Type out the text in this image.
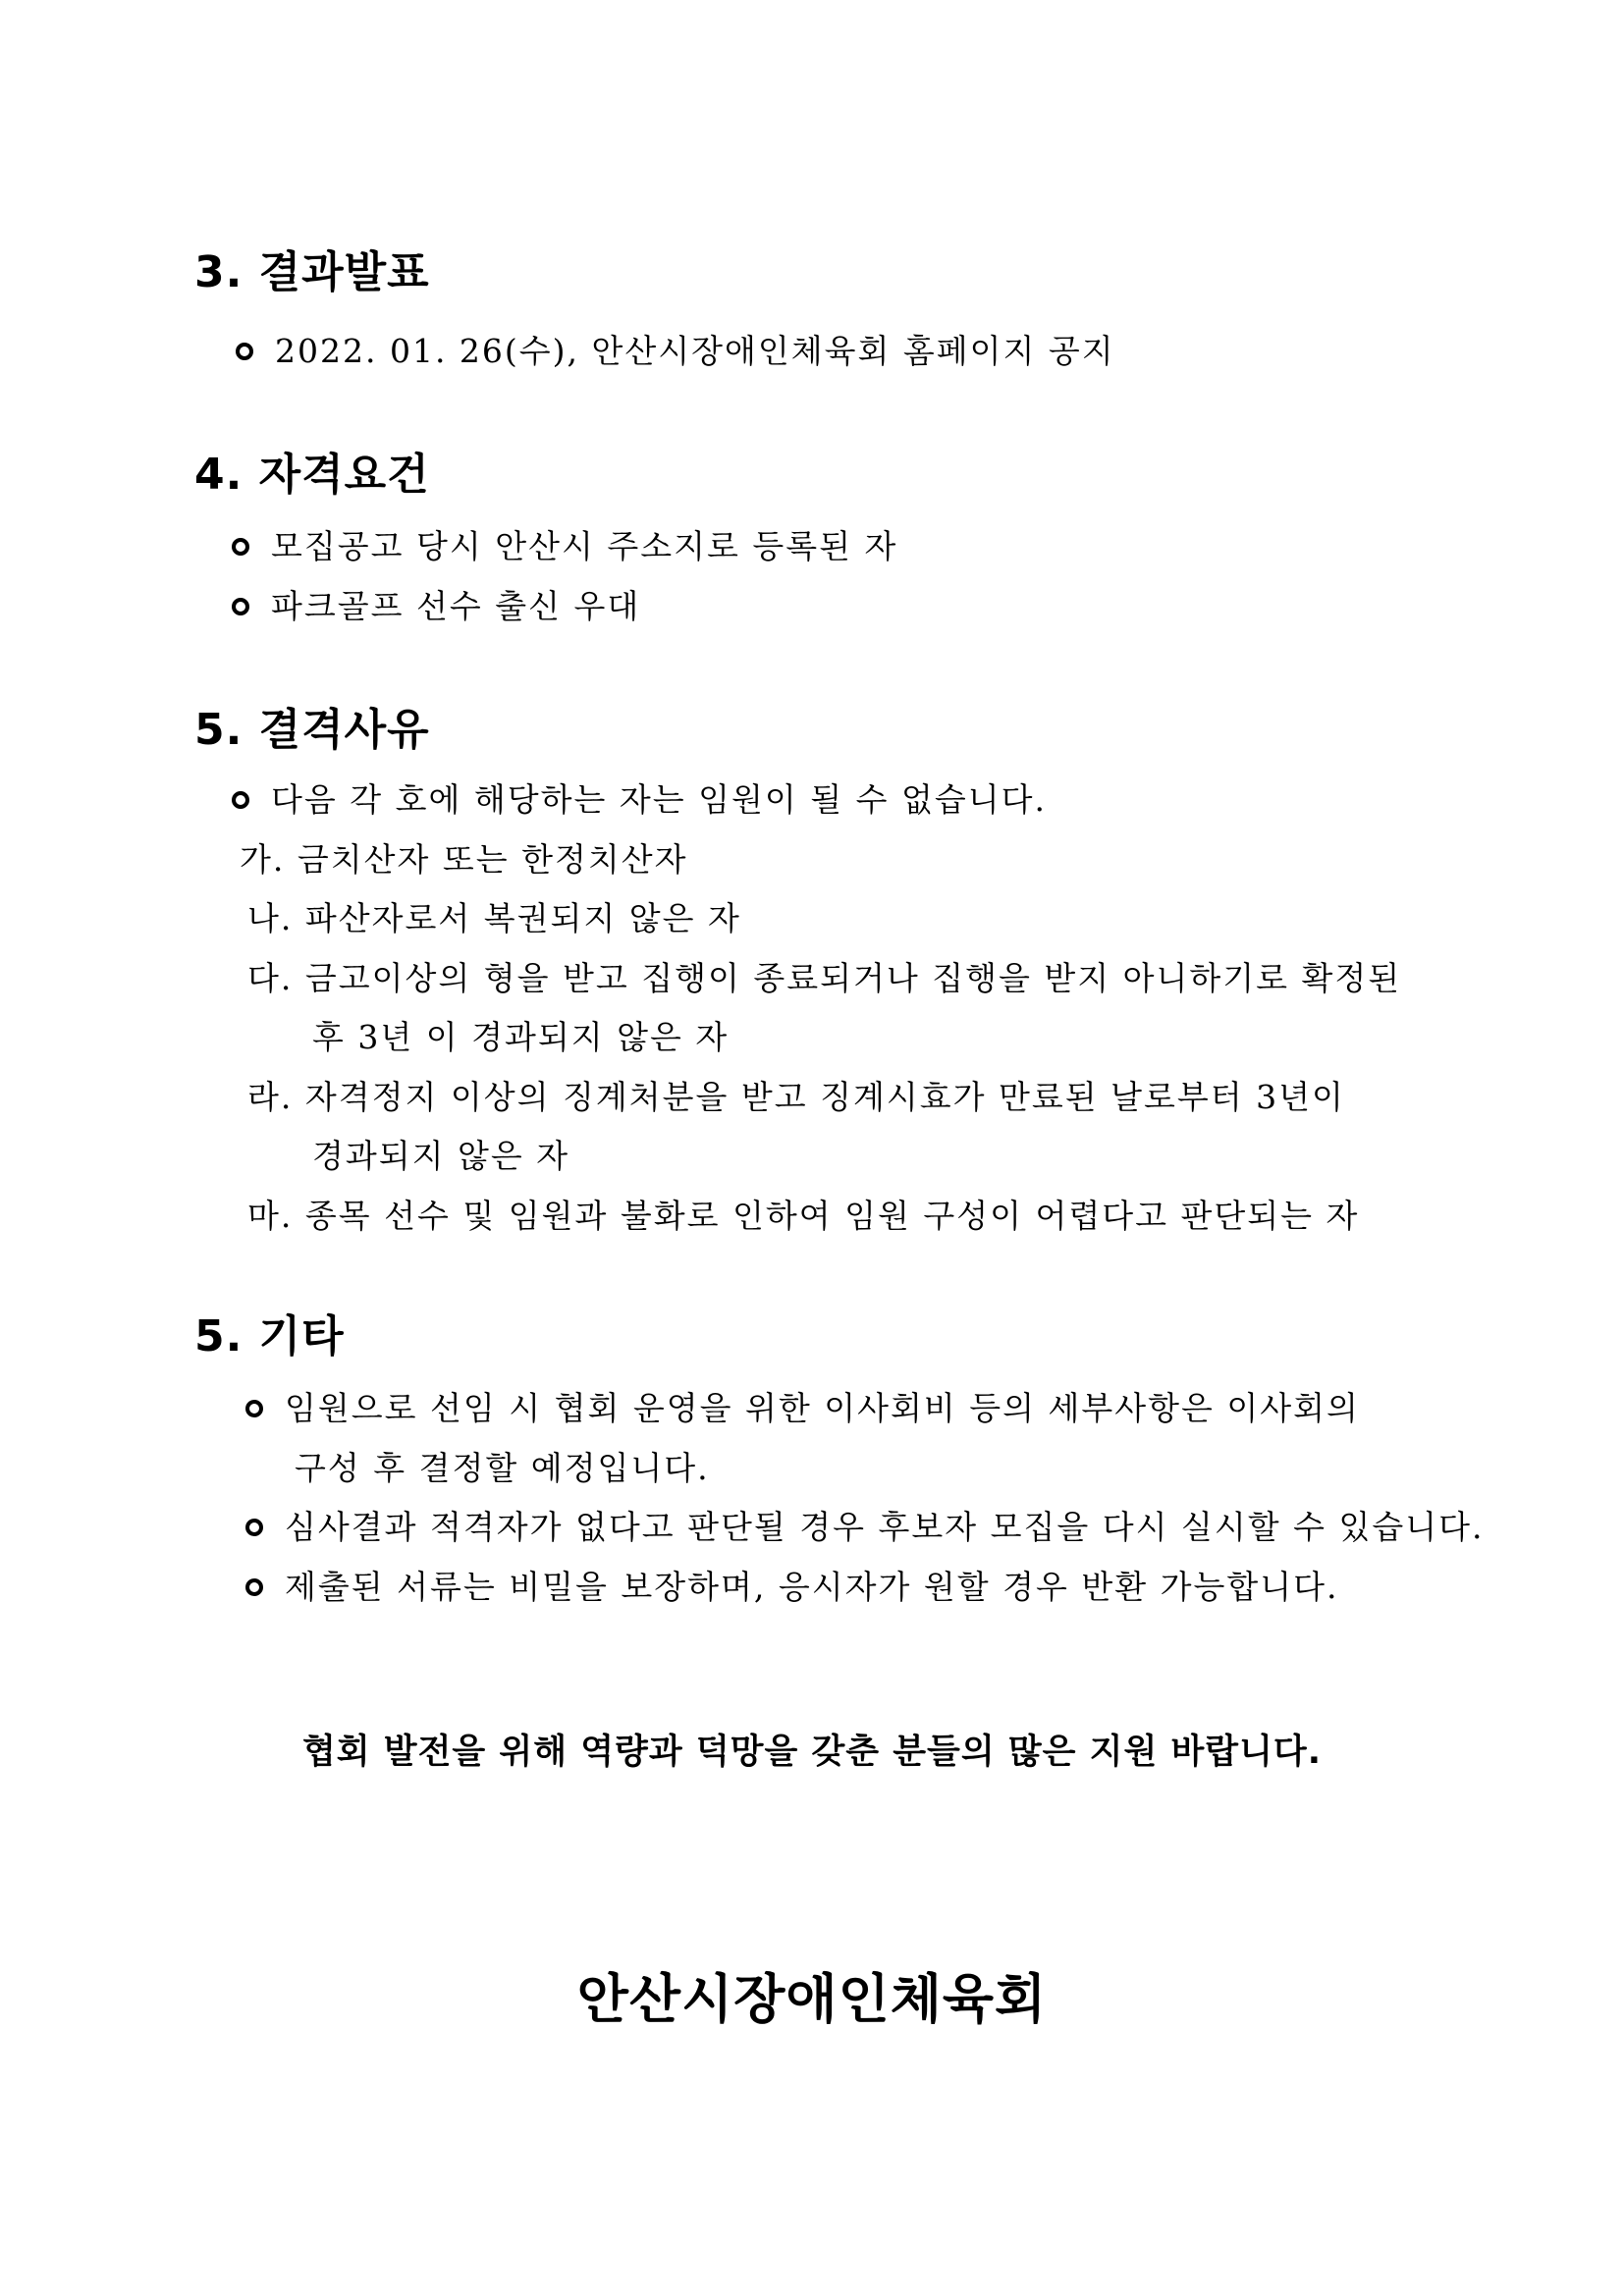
3. 결과발표

2022. 01. 26(수), 안산시장애인체육회 홈페이지 공지

4. 자격요건

모집공고 당시 안산시 주소지로 등록된 자

파크골프 선수 출신 우대

5. 결격사유

다음 각 호에 해당하는 자는 임원이 될 수 없습니다.

가. 금치산자 또는 한정치산자

나. 파산자로서 복권되지 않은 자

다. 금고이상의 형을 받고 집행이 종료되거나 집행을 받지 아니하기로 확정된

후 3년 이 경과되지 않은 자

라. 자격정지 이상의 징계처분을 받고 징계시효가 만료된 날로부터 3년이

경과되지 않은 자

마. 종목 선수 및 임원과 불화로 인하여 임원 구성이 어렵다고 판단되는 자

5. 기타

임원으로 선임 시 협회 운영을 위한 이사회비 등의 세부사항은 이사회의

구성 후 결정할 예정입니다.

심사결과 적격자가 없다고 판단될 경우 후보자 모집을 다시 실시할 수 있습니다.

제출된 서류는 비밀을 보장하며, 응시자가 원할 경우 반환 가능합니다.

협회 발전을 위해 역량과 덕망을 갖춘 분들의 많은 지원 바랍니다.

안산시장애인체육회
